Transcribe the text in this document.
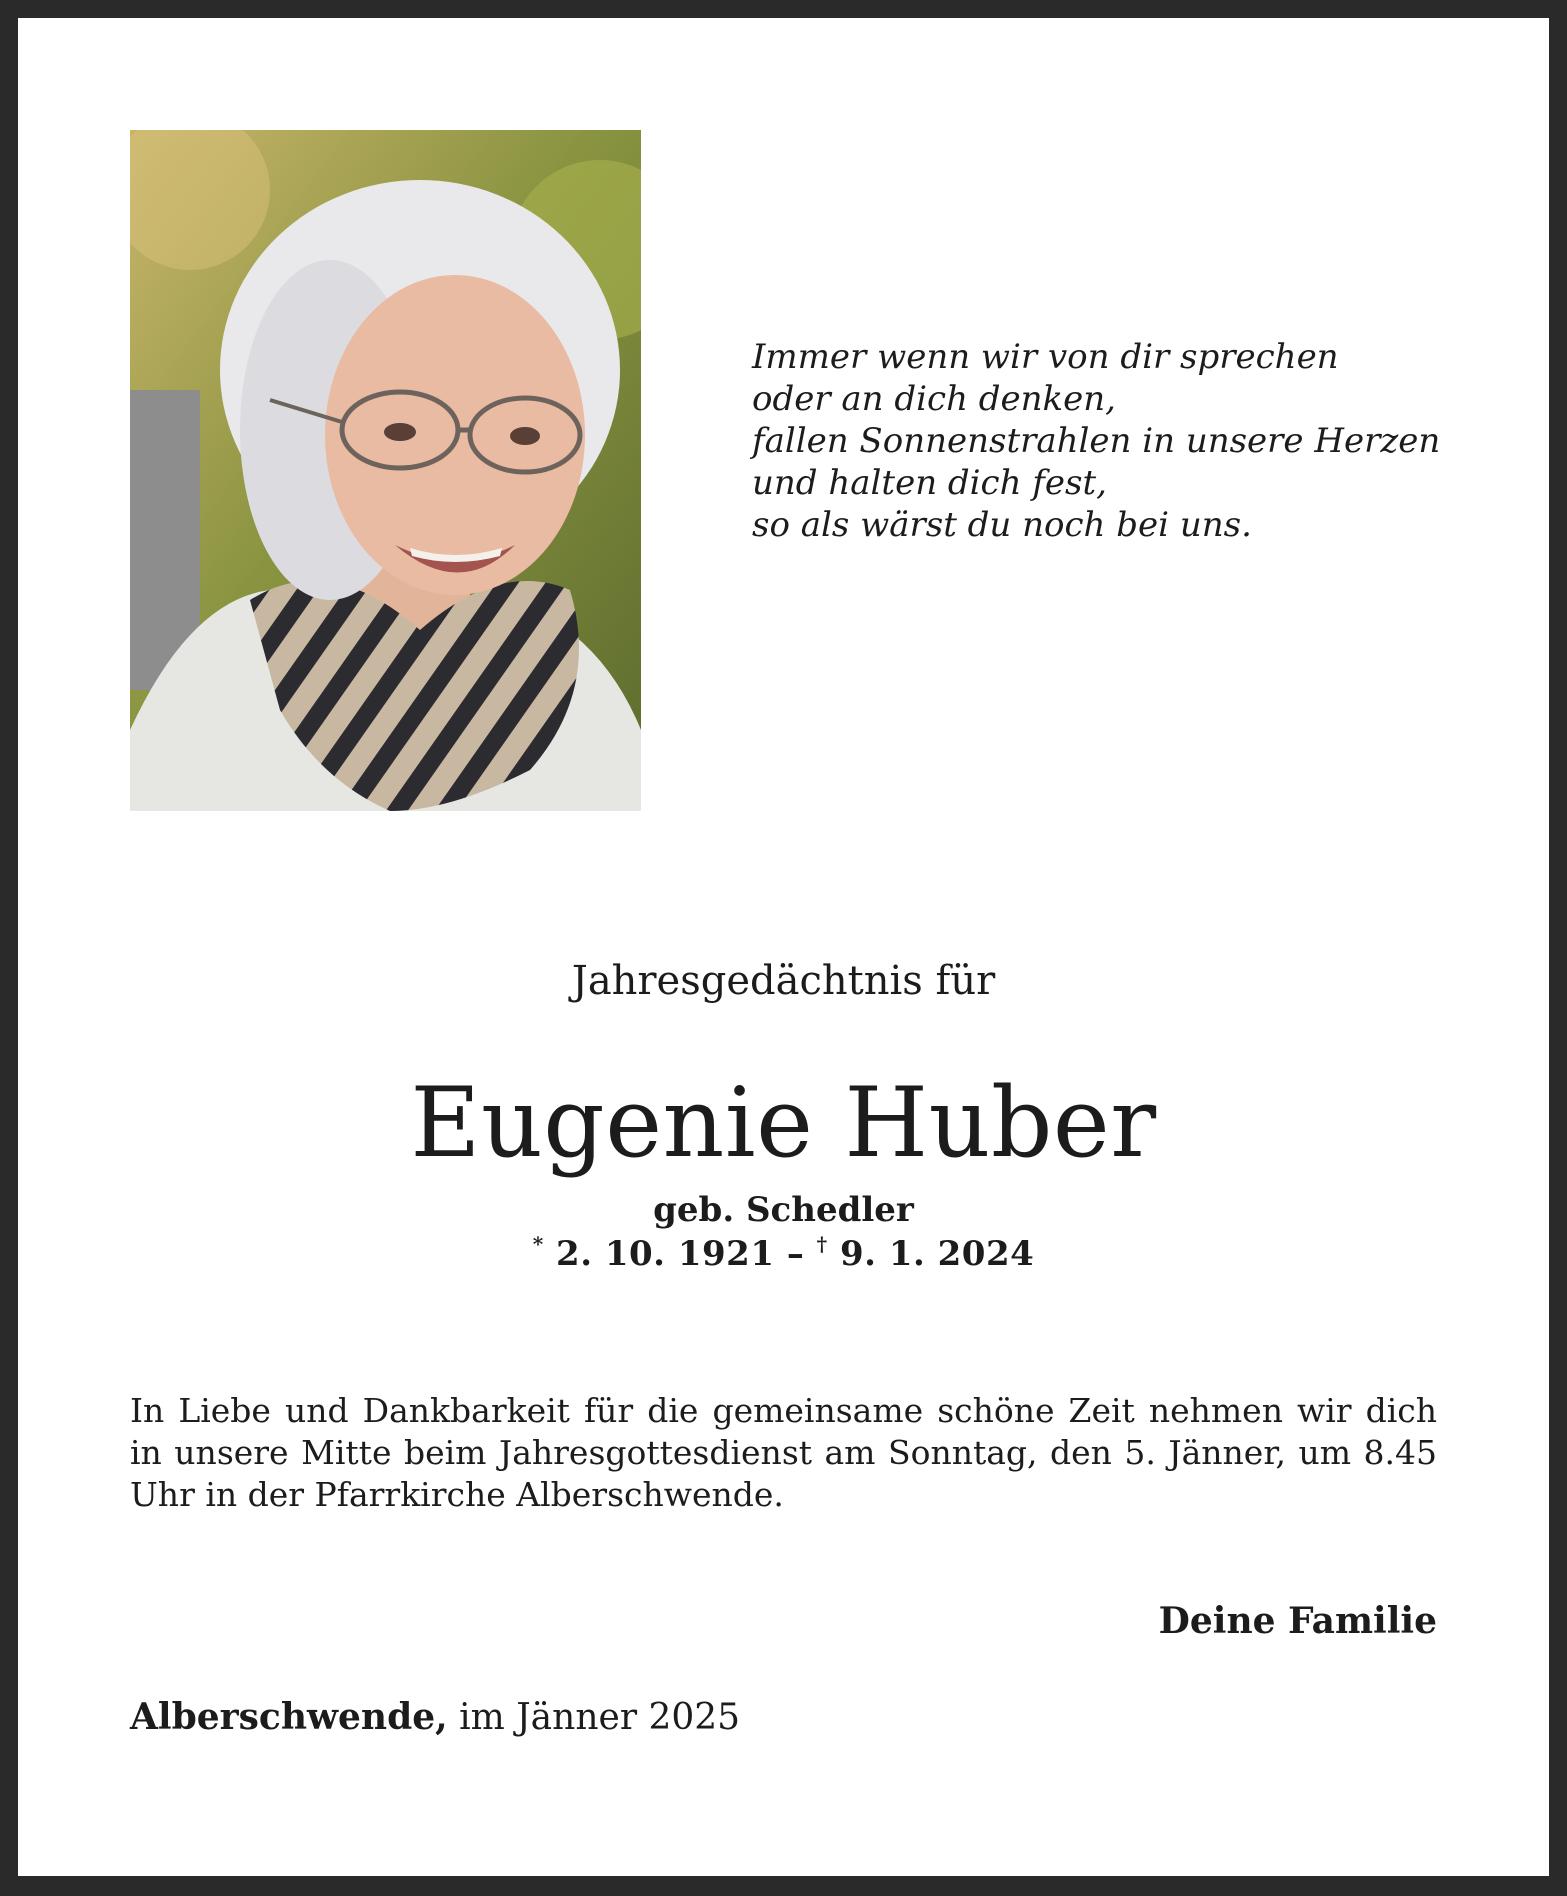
Immer wenn wir von dir sprechen
oder an dich denken,
fallen Sonnenstrahlen in unsere Herzen
und halten dich fest,
so als wärst du noch bei uns.
Jahresgedächtnis für
Eugenie Huber
geb. Schedler
* 2. 10. 1921 – † 9. 1. 2024

In Liebe und Dankbarkeit für die gemeinsame schöne Zeit nehmen wir dich in unsere Mitte beim Jahresgottesdienst am Sonntag, den 5. Jänner, um 8.45 Uhr in der Pfarrkirche Alberschwende.

Deine Familie
Alberschwende, im Jänner 2025
